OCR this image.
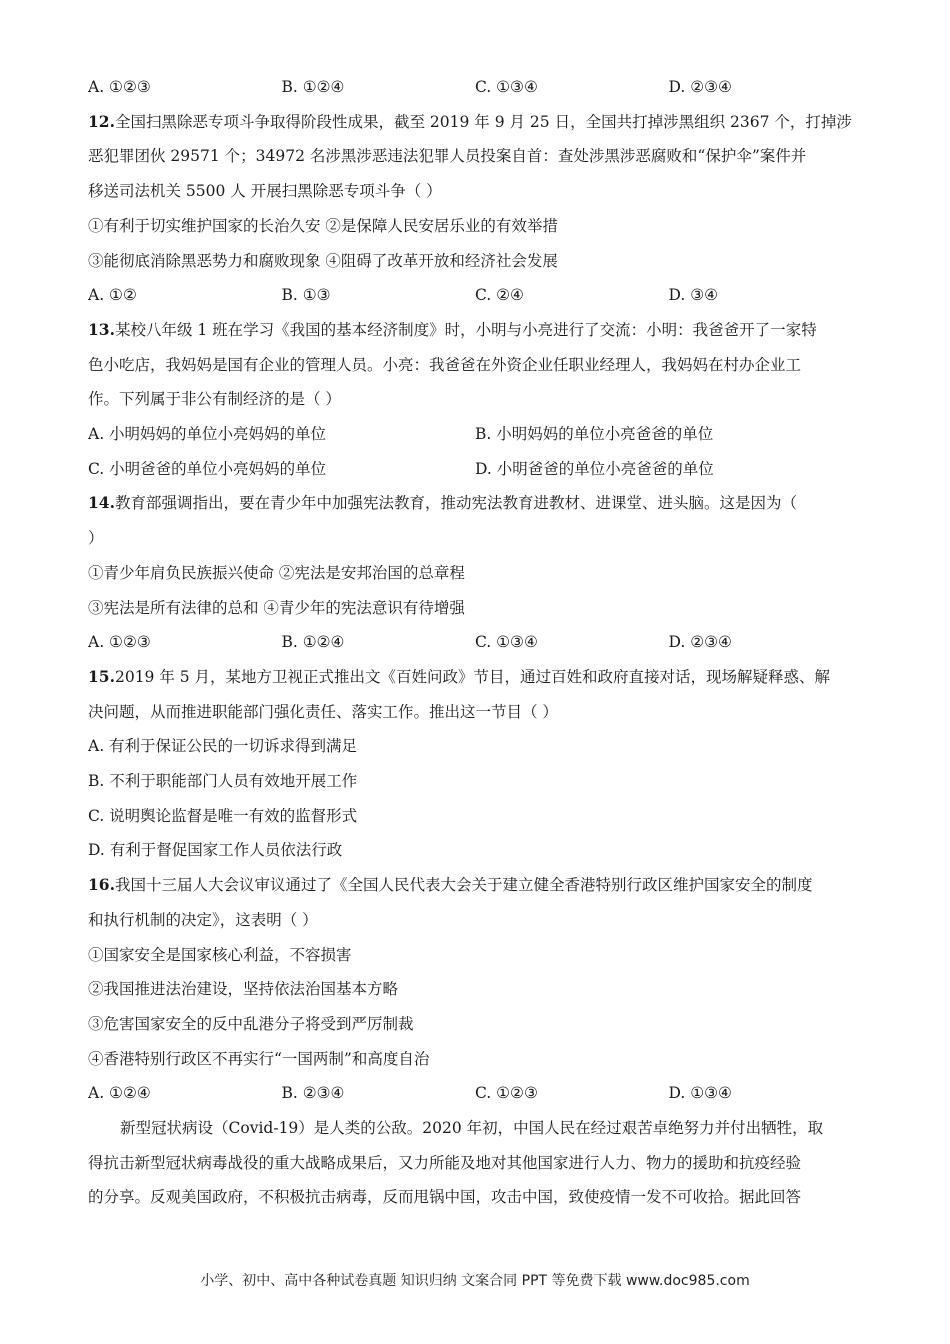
A. ①②③	B. ①②④	C. ①③④	D. ②③④
12.全国扫黑除恶专项斗争取得阶段性成果，截至 2019 年 9 月 25 日，全国共打掉涉黑组织 2367 个，打掉涉
恶犯罪团伙 29571 个；34972 名涉黑涉恶违法犯罪人员投案自首：查处涉黑涉恶腐败和“保护伞”案件并
移送司法机关 5500 人 开展扫黑除恶专项斗争（ ）
①有利于切实维护国家的长治久安 ②是保障人民安居乐业的有效举措
③能彻底消除黑恶势力和腐败现象 ④阻碍了改革开放和经济社会发展
A. ①②	B. ①③	C. ②④	D. ③④
13.某校八年级 1 班在学习《我国的基本经济制度》时，小明与小亮进行了交流：小明：我爸爸开了一家特
色小吃店，我妈妈是国有企业的管理人员。小亮：我爸爸在外资企业任职业经理人，我妈妈在村办企业工
作。下列属于非公有制经济的是（ ）
A. 小明妈妈的单位小亮妈妈的单位	B. 小明妈妈的单位小亮爸爸的单位
C. 小明爸爸的单位小亮妈妈的单位	D. 小明爸爸的单位小亮爸爸的单位
14.教育部强调指出，要在青少年中加强宪法教育，推动宪法教育进教材、进课堂、进头脑。这是因为（
）
①青少年肩负民族振兴使命 ②宪法是安邦治国的总章程
③宪法是所有法律的总和 ④青少年的宪法意识有待增强
A. ①②③	B. ①②④	C. ①③④	D. ②③④
15.2019 年 5 月，某地方卫视正式推出文《百姓问政》节目，通过百姓和政府直接对话，现场解疑释惑、解
决问题，从而推进职能部门强化责任、落实工作。推出这一节目（ ）
A. 有利于保证公民的一切诉求得到满足
B. 不利于职能部门人员有效地开展工作
C. 说明舆论监督是唯一有效的监督形式
D. 有利于督促国家工作人员依法行政
16.我国十三届人大会议审议通过了《全国人民代表大会关于建立健全香港特别行政区维护国家安全的制度
和执行机制的决定》，这表明（ ）
①国家安全是国家核心利益，不容损害
②我国推进法治建设，坚持依法治国基本方略
③危害国家安全的反中乱港分子将受到严厉制裁
④香港特别行政区不再实行“一国两制”和高度自治
A. ①②④	B. ②③④	C. ①②③	D. ①③④
新型冠状病设（Covid-19）是人类的公敌。2020 年初，中国人民在经过艰苦卓绝努力并付出牺牲，取
得抗击新型冠状病毒战役的重大战略成果后，又力所能及地对其他国家进行人力、物力的援助和抗疫经验
的分享。反观美国政府，不积极抗击病毒，反而甩锅中国，攻击中国，致使疫情一发不可收拾。据此回答
小学、初中、高中各种试卷真题 知识归纳 文案合同 PPT 等免费下载 www.doc985.com
